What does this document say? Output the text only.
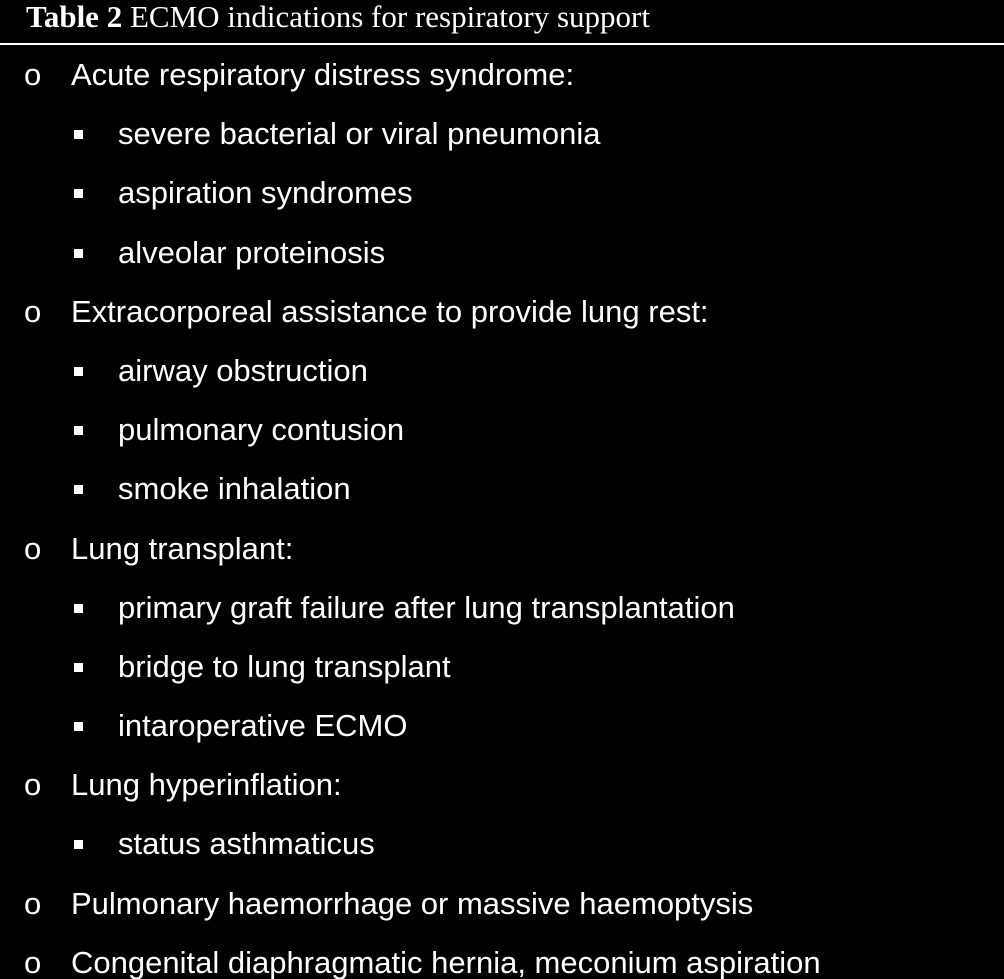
Table 2 ECMO indications for respiratory support
o Acute respiratory distress syndrome:
severe bacterial or viral pneumonia
aspiration syndromes
alveolar proteinosis
o Extracorporeal assistance to provide lung rest:
airway obstruction
pulmonary contusion
smoke inhalation
o Lung transplant:
primary graft failure after lung transplantation
bridge to lung transplant
intaroperative ECMO
o Lung hyperinflation:
status asthmaticus
o Pulmonary haemorrhage or massive haemoptysis
o Congenital diaphragmatic hernia, meconium aspiration
